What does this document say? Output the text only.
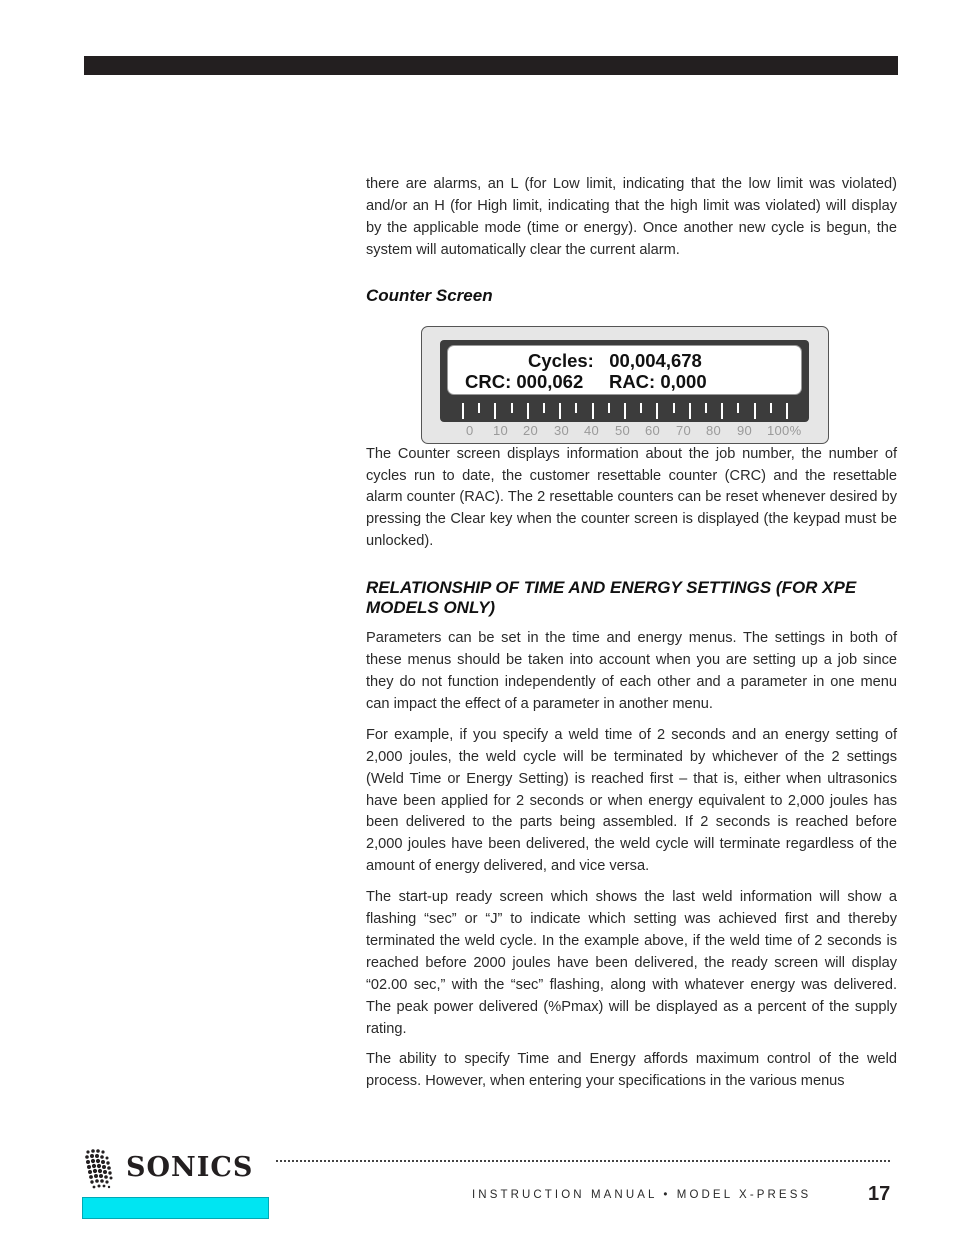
there are alarms, an L (for Low limit, indicating that the low limit was violated) and/or an H (for High limit, indicating that the high limit was violated) will display by the applicable mode (time or energy). Once another new cycle is begun, the system will automatically clear the current alarm.

Counter Screen
Cycles:   00,004,678
CRC: 000,062     RAC: 0,000
0 10 20 30 40 50 60 70 80 90 100%

The Counter screen displays information about the job number, the number of cycles run to date, the customer resettable counter (CRC) and the resettable alarm counter (RAC). The 2 resettable counters can be reset whenever desired by pressing the Clear key when the counter screen is displayed (the keypad must be unlocked).

RELATIONSHIP OF TIME AND ENERGY SETTINGS (FOR XPE MODELS ONLY)

Parameters can be set in the time and energy menus. The settings in both of these menus should be taken into account when you are setting up a job since they do not function independently of each other and a parameter in one menu can impact the effect of a parameter in another menu.

For example, if you specify a weld time of 2 seconds and an energy setting of 2,000 joules, the weld cycle will be terminated by whichever of the 2 settings (Weld Time or Energy Setting) is reached first – that is, either when ultrasonics have been applied for 2 seconds or when energy equivalent to 2,000 joules has been delivered to the parts being assembled. If 2 seconds is reached before 2,000 joules have been delivered, the weld cycle will terminate regardless of the amount of energy delivered, and vice versa.

The start-up ready screen which shows the last weld information will show a flashing “sec” or “J” to indicate which setting was achieved first and thereby terminated the weld cycle. In the example above, if the weld time of 2 seconds is reached before 2000 joules have been delivered, the ready screen will display “02.00 sec,” with the “sec” flashing, along with whatever energy was delivered. The peak power delivered (%Pmax) will be displayed as a percent of the supply rating.

The ability to specify Time and Energy affords maximum control of the weld process. However, when entering your specifications in the various menus

SONICS
INSTRUCTION MANUAL • MODEL X-PRESS	17
